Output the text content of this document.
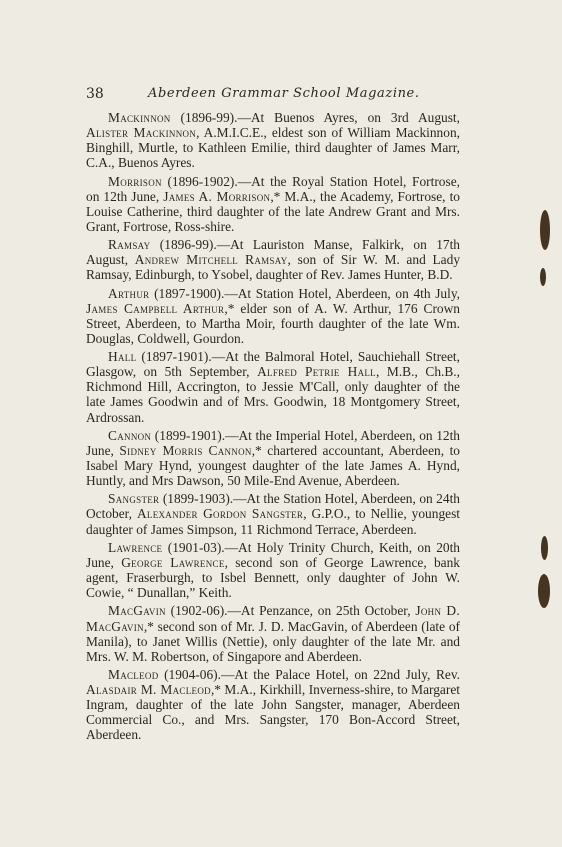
38	Aberdeen Grammar School Magazine.

Mackinnon (1896-99).—At Buenos Ayres, on 3rd August, Alister Mackinnon, A.M.I.C.E., eldest son of William Mackinnon, Binghill, Murtle, to Kathleen Emilie, third daughter of James Marr, C.A., Buenos Ayres.

Morrison (1896-1902).—At the Royal Station Hotel, Fortrose, on 12th June, James A. Morrison,* M.A., the Academy, Fortrose, to Louise Catherine, third daughter of the late Andrew Grant and Mrs. Grant, Fortrose, Ross-shire.

Ramsay (1896-99).—At Lauriston Manse, Falkirk, on 17th August, Andrew Mitchell Ramsay, son of Sir W. M. and Lady Ramsay, Edinburgh, to Ysobel, daughter of Rev. James Hunter, B.D.

Arthur (1897-1900).—At Station Hotel, Aberdeen, on 4th July, James Campbell Arthur,* elder son of A. W. Arthur, 176 Crown Street, Aberdeen, to Martha Moir, fourth daughter of the late Wm. Douglas, Coldwell, Gourdon.

Hall (1897-1901).—At the Balmoral Hotel, Sauchiehall Street, Glasgow, on 5th September, Alfred Petrie Hall, M.B., Ch.B., Richmond Hill, Accrington, to Jessie M'Call, only daughter of the late James Goodwin and of Mrs. Goodwin, 18 Montgomery Street, Ardrossan.

Cannon (1899-1901).—At the Imperial Hotel, Aberdeen, on 12th June, Sidney Morris Cannon,* chartered accountant, Aberdeen, to Isabel Mary Hynd, youngest daughter of the late James A. Hynd, Huntly, and Mrs Dawson, 50 Mile-End Avenue, Aberdeen.

Sangster (1899-1903).—At the Station Hotel, Aberdeen, on 24th October, Alexander Gordon Sangster, G.P.O., to Nellie, youngest daughter of James Simpson, 11 Richmond Terrace, Aberdeen.

Lawrence (1901-03).—At Holy Trinity Church, Keith, on 20th June, George Lawrence, second son of George Lawrence, bank agent, Fraserburgh, to Isbel Bennett, only daughter of John W. Cowie, “ Dunallan,” Keith.

MacGavin (1902-06).—At Penzance, on 25th October, John D. MacGavin,* second son of Mr. J. D. MacGavin, of Aberdeen (late of Manila), to Janet Willis (Nettie), only daughter of the late Mr. and Mrs. W. M. Robertson, of Singapore and Aberdeen.

Macleod (1904-06).—At the Palace Hotel, on 22nd July, Rev. Alasdair M. Macleod,* M.A., Kirkhill, Inverness-shire, to Margaret Ingram, daughter of the late John Sangster, manager, Aberdeen Commercial Co., and Mrs. Sangster, 170 Bon-Accord Street, Aberdeen.
